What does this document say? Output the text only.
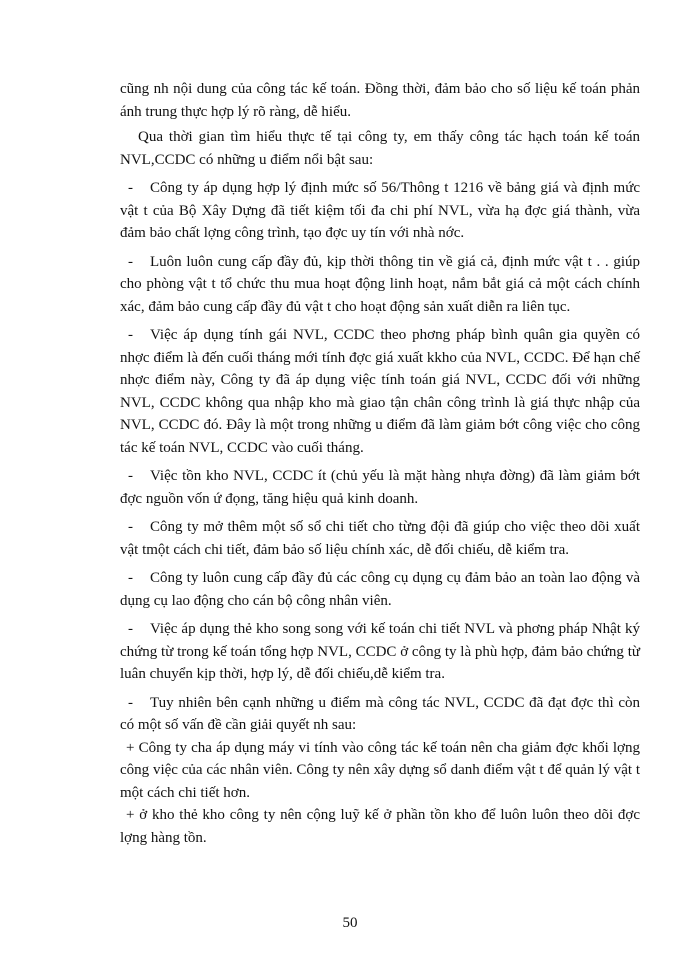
cũng nh nội dung của công tác kế toán. Đồng thời, đảm bảo cho số liệu kế toán phản ánh trung thực hợp lý rõ ràng, dễ hiểu.

Qua thời gian tìm hiểu thực tế tại công ty, em thấy công tác hạch toán kế toán NVL,CCDC có những u điểm nổi bật sau:

- Công ty áp dụng hợp lý định mức số 56/Thông t 1216 về bảng giá và định mức vật t của Bộ Xây Dựng đã tiết kiệm tối đa chi phí NVL, vừa hạ đợc giá thành, vừa đảm bảo chất lợng công trình, tạo đợc uy tín với nhà nớc.

- Luôn luôn cung cấp đầy đủ, kịp thời thông tin về giá cả, định mức vật t . . giúp cho phòng vật t tổ chức thu mua hoạt động linh hoạt, nắm bắt giá cả một cách chính xác, đảm bảo cung cấp đầy đủ vật t cho hoạt động sản xuất diễn ra liên tục.

- Việc áp dụng tính gái NVL, CCDC theo phơng pháp bình quân gia quyền có nhợc điểm là đến cuối tháng mới tính đợc giá xuất kkho của NVL, CCDC. Để hạn chế nhợc điểm này, Công ty đã áp dụng việc tính toán giá NVL, CCDC đối với những NVL, CCDC không qua nhập kho mà giao tận chân công trình là giá thực nhập của NVL, CCDC đó. Đây là một trong những u điểm đã làm giảm bớt công việc cho công tác kế toán NVL, CCDC vào cuối tháng.

- Việc tồn kho NVL, CCDC ít (chủ yếu là mặt hàng nhựa đờng) đã làm giảm bớt đợc nguồn vốn ứ đọng, tăng hiệu quả kinh doanh.

- Công ty mở thêm một số sổ chi tiết cho từng đội đã giúp cho việc theo dõi xuất vật tmột cách chi tiết, đảm bảo số liệu chính xác, dễ đối chiếu, dễ kiểm tra.

- Công ty luôn cung cấp đầy đủ các công cụ dụng cụ đảm bảo an toàn lao động và dụng cụ lao động cho cán bộ công nhân viên.

- Việc áp dụng thẻ kho song song với kế toán chi tiết NVL và phơng pháp Nhật ký chứng từ trong kế toán tổng hợp NVL, CCDC ở công ty là phù hợp, đảm bảo chứng từ luân chuyển kịp thời, hợp lý, dễ đối chiếu,dễ kiểm tra.

- Tuy nhiên bên cạnh những u điểm mà công tác NVL, CCDC đã đạt đợc thì còn có một số vấn đề cần giải quyết nh sau:

+ Công ty cha áp dụng máy vi tính vào công tác kế toán nên cha giảm đợc khối lợng công việc của các nhân viên. Công ty nên xây dựng sổ danh điểm vật t để quản lý vật t một cách chi tiết hơn.

+ ở kho thẻ kho công ty nên cộng luỹ kế ở phần tồn kho để luôn luôn theo dõi đợc lợng hàng tồn.

50
